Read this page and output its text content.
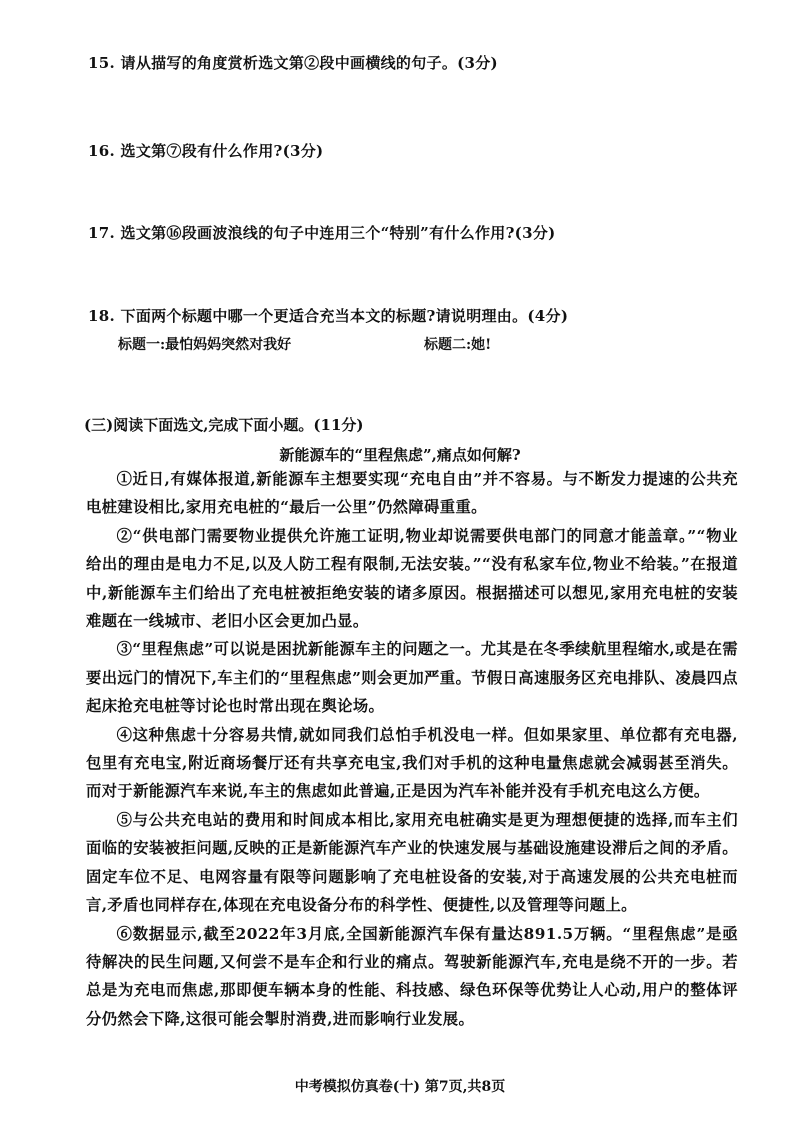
15. 请从描写的角度赏析选文第②段中画横线的句子。(3分)
16. 选文第⑦段有什么作用?(3分)
17. 选文第⑯段画波浪线的句子中连用三个“特别”有什么作用?(3分)
18. 下面两个标题中哪一个更适合充当本文的标题?请说明理由。(4分)
标题一:最怕妈妈突然对我好	标题二:她!
(三)阅读下面选文,完成下面小题。(11分)
新能源车的“里程焦虑”,痛点如何解?

①近日,有媒体报道,新能源车主想要实现“充电自由”并不容易。与不断发力提速的公共充电桩建设相比,家用充电桩的“最后一公里”仍然障碍重重。

②“供电部门需要物业提供允许施工证明,物业却说需要供电部门的同意才能盖章。”“物业给出的理由是电力不足,以及人防工程有限制,无法安装。”“没有私家车位,物业不给装。”在报道中,新能源车主们给出了充电桩被拒绝安装的诸多原因。根据描述可以想见,家用充电桩的安装难题在一线城市、老旧小区会更加凸显。

③“里程焦虑”可以说是困扰新能源车主的问题之一。尤其是在冬季续航里程缩水,或是在需要出远门的情况下,车主们的“里程焦虑”则会更加严重。节假日高速服务区充电排队、凌晨四点起床抢充电桩等讨论也时常出现在舆论场。

④这种焦虑十分容易共情,就如同我们总怕手机没电一样。但如果家里、单位都有充电器,包里有充电宝,附近商场餐厅还有共享充电宝,我们对手机的这种电量焦虑就会减弱甚至消失。而对于新能源汽车来说,车主的焦虑如此普遍,正是因为汽车补能并没有手机充电这么方便。

⑤与公共充电站的费用和时间成本相比,家用充电桩确实是更为理想便捷的选择,而车主们面临的安装被拒问题,反映的正是新能源汽车产业的快速发展与基础设施建设滞后之间的矛盾。固定车位不足、电网容量有限等问题影响了充电桩设备的安装,对于高速发展的公共充电桩而言,矛盾也同样存在,体现在充电设备分布的科学性、便捷性,以及管理等问题上。

⑥数据显示,截至2022年3月底,全国新能源汽车保有量达891.5万辆。“里程焦虑”是亟待解决的民生问题,又何尝不是车企和行业的痛点。驾驶新能源汽车,充电是绕不开的一步。若总是为充电而焦虑,那即便车辆本身的性能、科技感、绿色环保等优势让人心动,用户的整体评分仍然会下降,这很可能会掣肘消费,进而影响行业发展。

中考模拟仿真卷(十) 第7页,共8页
